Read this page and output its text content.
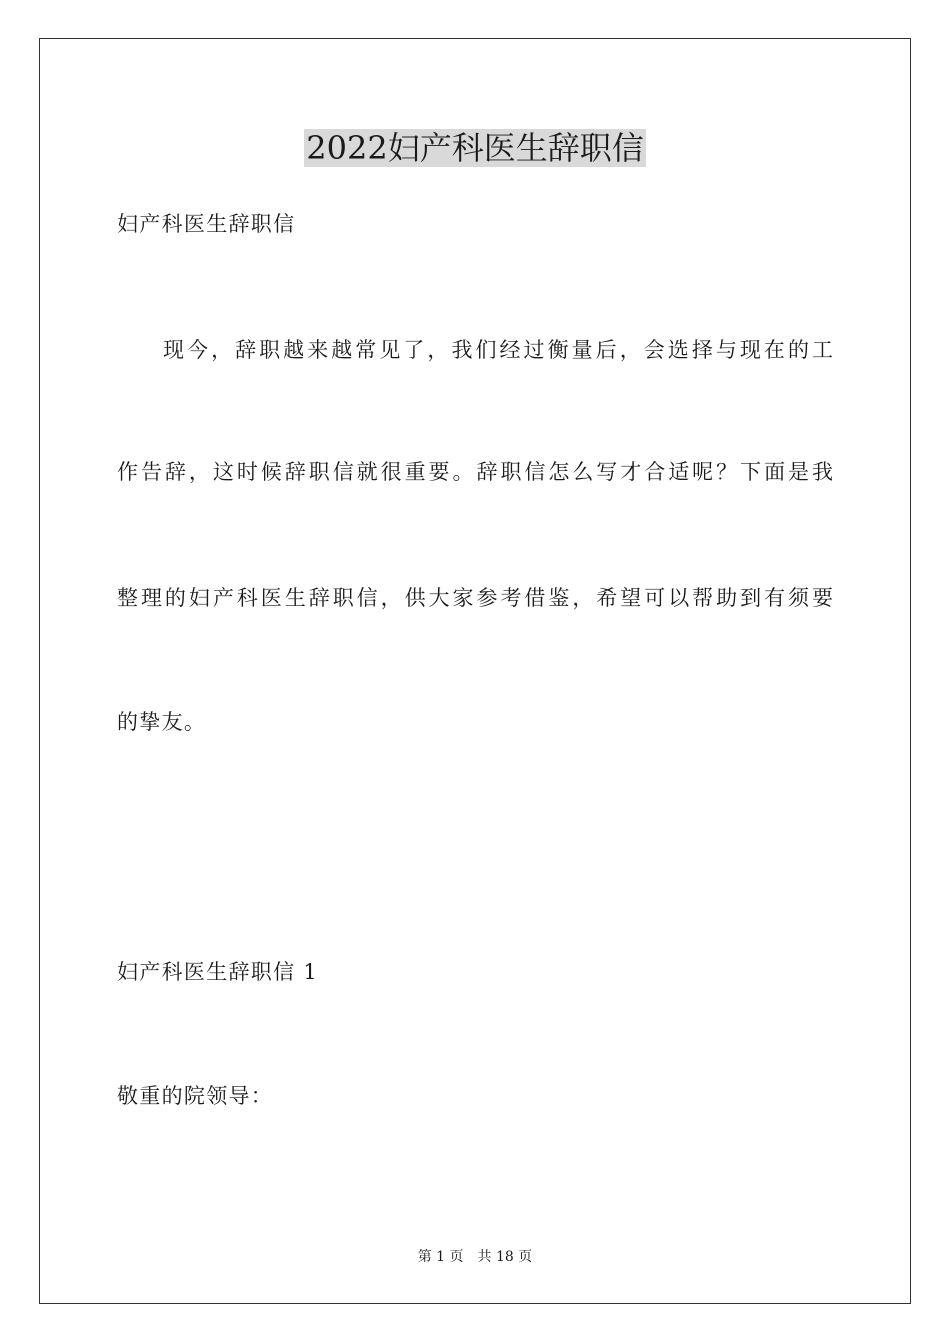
2022妇产科医生辞职信
妇产科医生辞职信
现今，辞职越来越常见了，我们经过衡量后，会选择与现在的工
作告辞，这时候辞职信就很重要。辞职信怎么写才合适呢？下面是我
整理的妇产科医生辞职信，供大家参考借鉴，希望可以帮助到有须要
的挚友。
妇产科医生辞职信 1
敬重的院领导：
第 1 页 共 18 页
